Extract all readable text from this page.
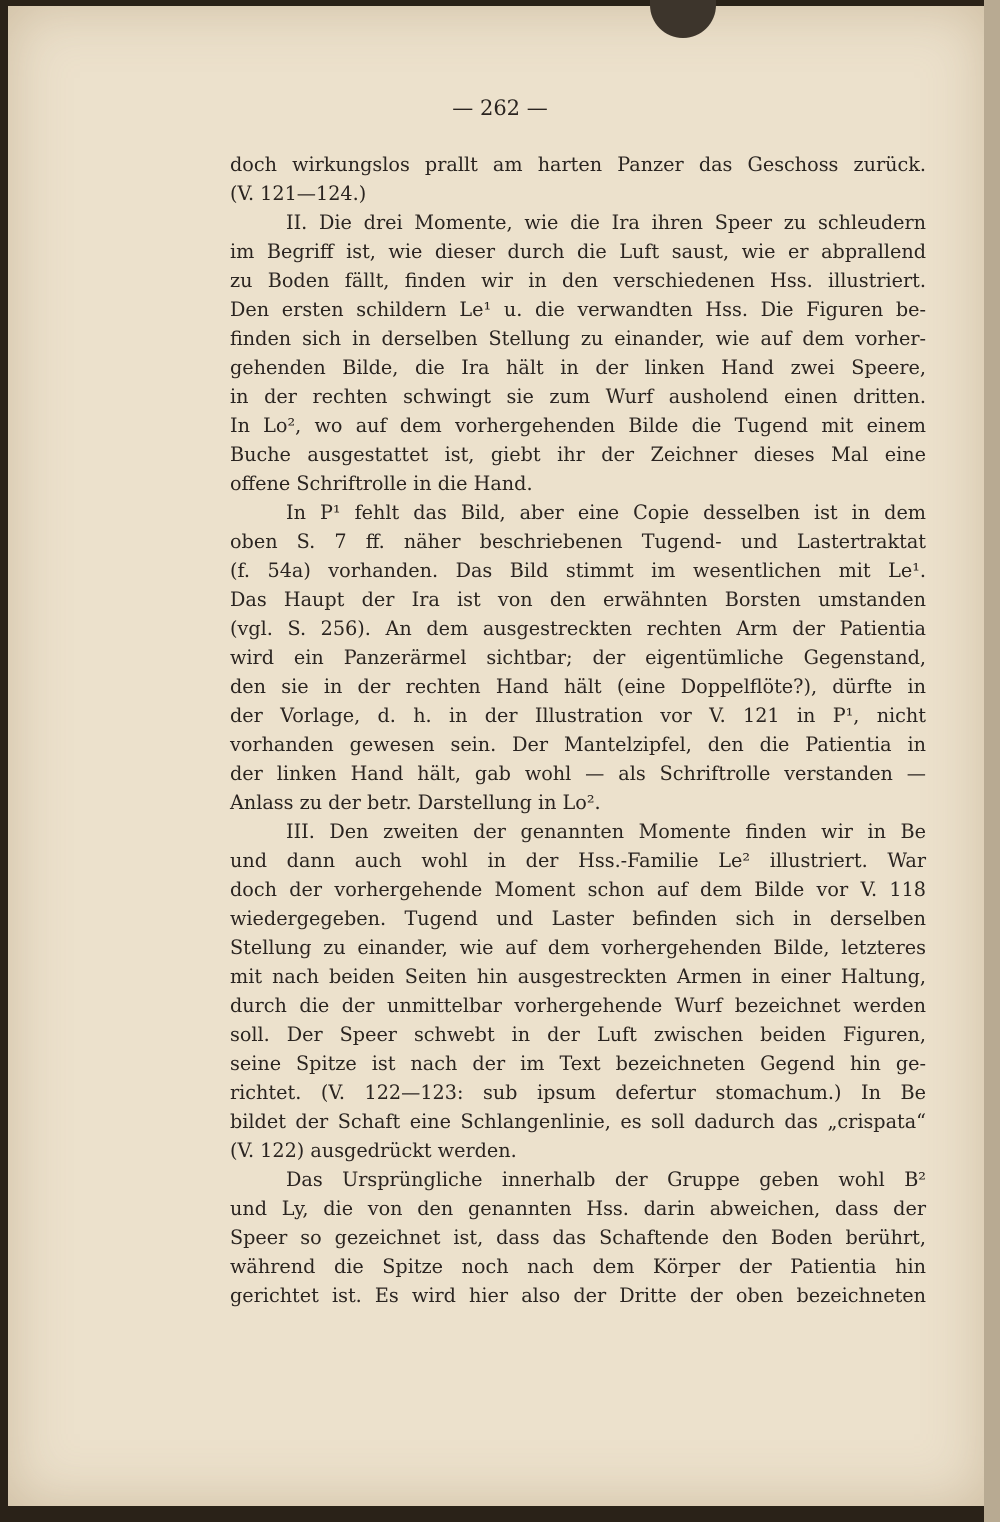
— 262 —
doch wirkungslos prallt am harten Panzer das Geschoss zurück.
(V. 121—124.)
II. Die drei Momente, wie die Ira ihren Speer zu schleudern
im Begriff ist, wie dieser durch die Luft saust, wie er abprallend
zu Boden fällt, finden wir in den verschiedenen Hss. illustriert.
Den ersten schildern Le¹ u. die verwandten Hss. Die Figuren be-
finden sich in derselben Stellung zu einander, wie auf dem vorher-
gehenden Bilde, die Ira hält in der linken Hand zwei Speere,
in der rechten schwingt sie zum Wurf ausholend einen dritten.
In Lo², wo auf dem vorhergehenden Bilde die Tugend mit einem
Buche ausgestattet ist, giebt ihr der Zeichner dieses Mal eine
offene Schriftrolle in die Hand.
In P¹ fehlt das Bild, aber eine Copie desselben ist in dem
oben S. 7 ff. näher beschriebenen Tugend- und Lastertraktat
(f. 54a) vorhanden. Das Bild stimmt im wesentlichen mit Le¹.
Das Haupt der Ira ist von den erwähnten Borsten umstanden
(vgl. S. 256). An dem ausgestreckten rechten Arm der Patientia
wird ein Panzerärmel sichtbar; der eigentümliche Gegenstand,
den sie in der rechten Hand hält (eine Doppelflöte?), dürfte in
der Vorlage, d. h. in der Illustration vor V. 121 in P¹, nicht
vorhanden gewesen sein. Der Mantelzipfel, den die Patientia in
der linken Hand hält, gab wohl — als Schriftrolle verstanden —
Anlass zu der betr. Darstellung in Lo².
III. Den zweiten der genannten Momente finden wir in Be
und dann auch wohl in der Hss.-Familie Le² illustriert. War
doch der vorhergehende Moment schon auf dem Bilde vor V. 118
wiedergegeben. Tugend und Laster befinden sich in derselben
Stellung zu einander, wie auf dem vorhergehenden Bilde, letzteres
mit nach beiden Seiten hin ausgestreckten Armen in einer Haltung,
durch die der unmittelbar vorhergehende Wurf bezeichnet werden
soll. Der Speer schwebt in der Luft zwischen beiden Figuren,
seine Spitze ist nach der im Text bezeichneten Gegend hin ge-
richtet. (V. 122—123: sub ipsum defertur stomachum.) In Be
bildet der Schaft eine Schlangenlinie, es soll dadurch das „crispata“
(V. 122) ausgedrückt werden.
Das Ursprüngliche innerhalb der Gruppe geben wohl B²
und Ly, die von den genannten Hss. darin abweichen, dass der
Speer so gezeichnet ist, dass das Schaftende den Boden berührt,
während die Spitze noch nach dem Körper der Patientia hin
gerichtet ist. Es wird hier also der Dritte der oben bezeichneten
